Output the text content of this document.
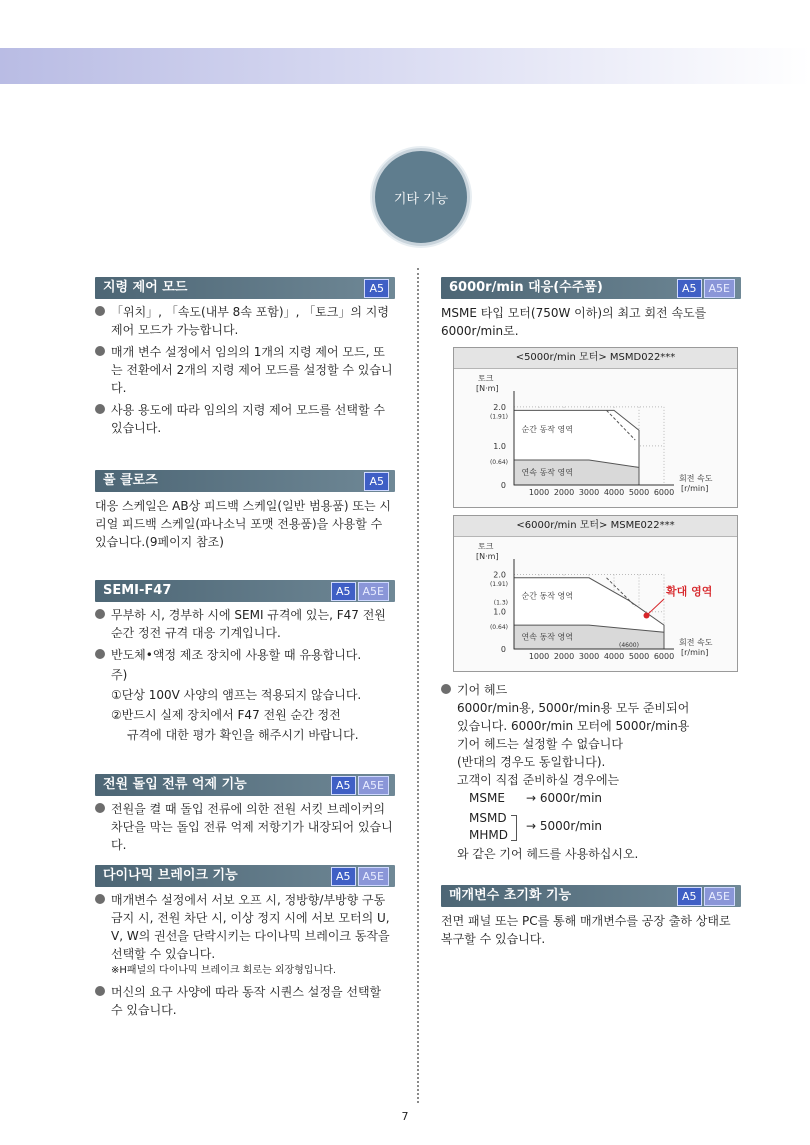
기타 기능
지령 제어 모드	A5
「위치」, 「속도(내부 8속 포함)」, 「토크」의 지령 제어 모드가 가능합니다.
매개 변수 설정에서 임의의 1개의 지령 제어 모드, 또는 전환에서 2개의 지령 제어 모드를 설정할 수 있습니다.
사용 용도에 따라 임의의 지령 제어 모드를 선택할 수 있습니다.
풀 클로즈	A5
대응 스케일은 AB상 피드백 스케일(일반 범용품) 또는 시리얼 피드백 스케일(파나소닉 포맷 전용품)을 사용할 수 있습니다.(9페이지 참조)
SEMI-F47	A5	A5E
무부하 시, 경부하 시에 SEMI 규격에 있는, F47 전원 순간 정전 규격 대응 기계입니다.
반도체•액정 제조 장치에 사용할 때 유용합니다.
주)
①단상 100V 사양의 앰프는 적용되지 않습니다.
②반드시 실제 장치에서 F47 전원 순간 정전
규격에 대한 평가 확인을 해주시기 바랍니다.
전원 돌입 전류 억제 기능	A5	A5E
전원을 켤 때 돌입 전류에 의한 전원 서킷 브레이커의 차단을 막는 돌입 전류 억제 저항기가 내장되어 있습니다.
다이나믹 브레이크 기능	A5	A5E
매개변수 설정에서 서보 오프 시, 정방향/부방향 구동 금지 시, 전원 차단 시, 이상 정지 시에 서보 모터의 U, V, W의 권선을 단락시키는 다이나믹 브레이크 동작을 선택할 수 있습니다.
※H패널의 다이나믹 브레이크 회로는 외장형입니다.
머신의 요구 사양에 따라 동작 시퀀스 설정을 선택할 수 있습니다.
6000r/min 대응(수주품)	A5	A5E
MSME 타입 모터(750W 이하)의 최고 회전 속도를 6000r/min로.
<5000r/min 모터> MSMD022***
토크
[N·m]
0
1.0
2.0
(0.64)
(1.91)
1000 2000 3000 4000 5000 6000
순간 동작 영역
연속 동작 영역
회전 속도
[r/min]
<6000r/min 모터> MSME022***
토크
[N·m]
0
1.0
2.0
(0.64)
(1.3)
(1.91)
1000 2000 3000 4000 5000 6000
(4600)
순간 동작 영역
연속 동작 영역
회전 속도
[r/min]
확대 영역
기어 헤드
6000r/min용, 5000r/min용 모두 준비되어
있습니다. 6000r/min 모터에 5000r/min용
기어 헤드는 설정할 수 없습니다
(반대의 경우도 동일합니다).
고객이 직접 준비하실 경우에는
MSME → 6000r/min
MSMD
MHMD
→ 5000r/min
와 같은 기어 헤드를 사용하십시오.
매개변수 초기화 기능	A5	A5E
전면 패널 또는 PC를 통해 매개변수를 공장 출하 상태로 복구할 수 있습니다.
7
